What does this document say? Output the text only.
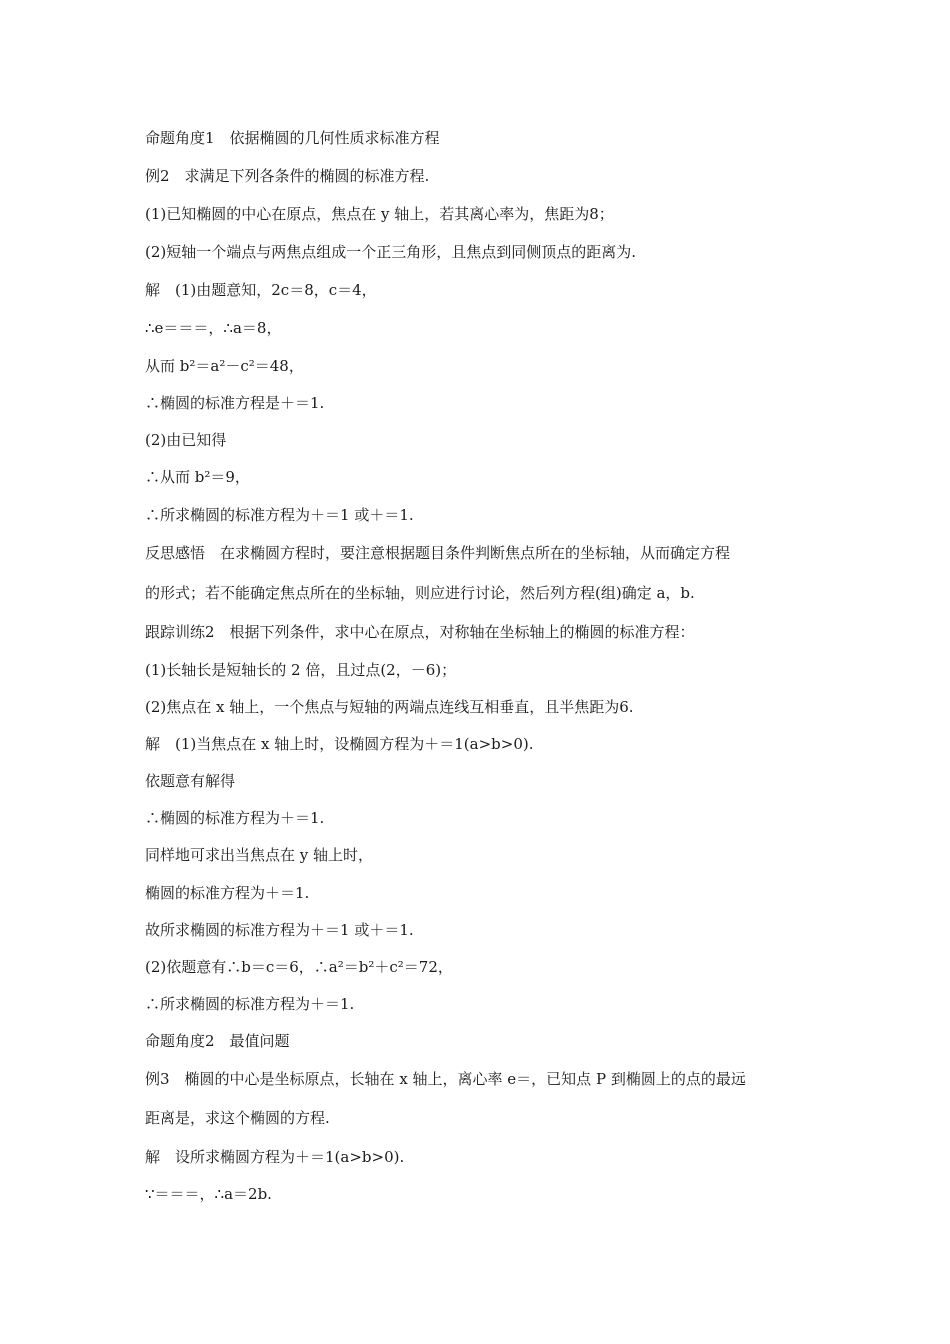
命题角度1　依据椭圆的几何性质求标准方程
例2　求满足下列各条件的椭圆的标准方程.
(1)已知椭圆的中心在原点，焦点在 y 轴上，若其离心率为，焦距为8；
(2)短轴一个端点与两焦点组成一个正三角形，且焦点到同侧顶点的距离为.
解　(1)由题意知，2c＝8，c＝4，
∴e＝＝＝，∴a＝8，
从而 b²＝a²－c²＝48，
∴椭圆的标准方程是＋＝1.
(2)由已知得
∴从而 b²＝9，
∴所求椭圆的标准方程为＋＝1 或＋＝1.
反思感悟　在求椭圆方程时，要注意根据题目条件判断焦点所在的坐标轴，从而确定方程
的形式；若不能确定焦点所在的坐标轴，则应进行讨论，然后列方程(组)确定 a，b.
跟踪训练2　根据下列条件，求中心在原点，对称轴在坐标轴上的椭圆的标准方程：
(1)长轴长是短轴长的 2 倍，且过点(2，－6)；
(2)焦点在 x 轴上，一个焦点与短轴的两端点连线互相垂直，且半焦距为6.
解　(1)当焦点在 x 轴上时，设椭圆方程为＋＝1(a>b>0).
依题意有解得
∴椭圆的标准方程为＋＝1.
同样地可求出当焦点在 y 轴上时，
椭圆的标准方程为＋＝1.
故所求椭圆的标准方程为＋＝1 或＋＝1.
(2)依题意有∴b＝c＝6，∴a²＝b²＋c²＝72，
∴所求椭圆的标准方程为＋＝1.
命题角度2　最值问题
例3　椭圆的中心是坐标原点，长轴在 x 轴上，离心率 e＝，已知点 P 到椭圆上的点的最远
距离是，求这个椭圆的方程.
解　设所求椭圆方程为＋＝1(a>b>0).
∵＝＝＝，∴a＝2b.
